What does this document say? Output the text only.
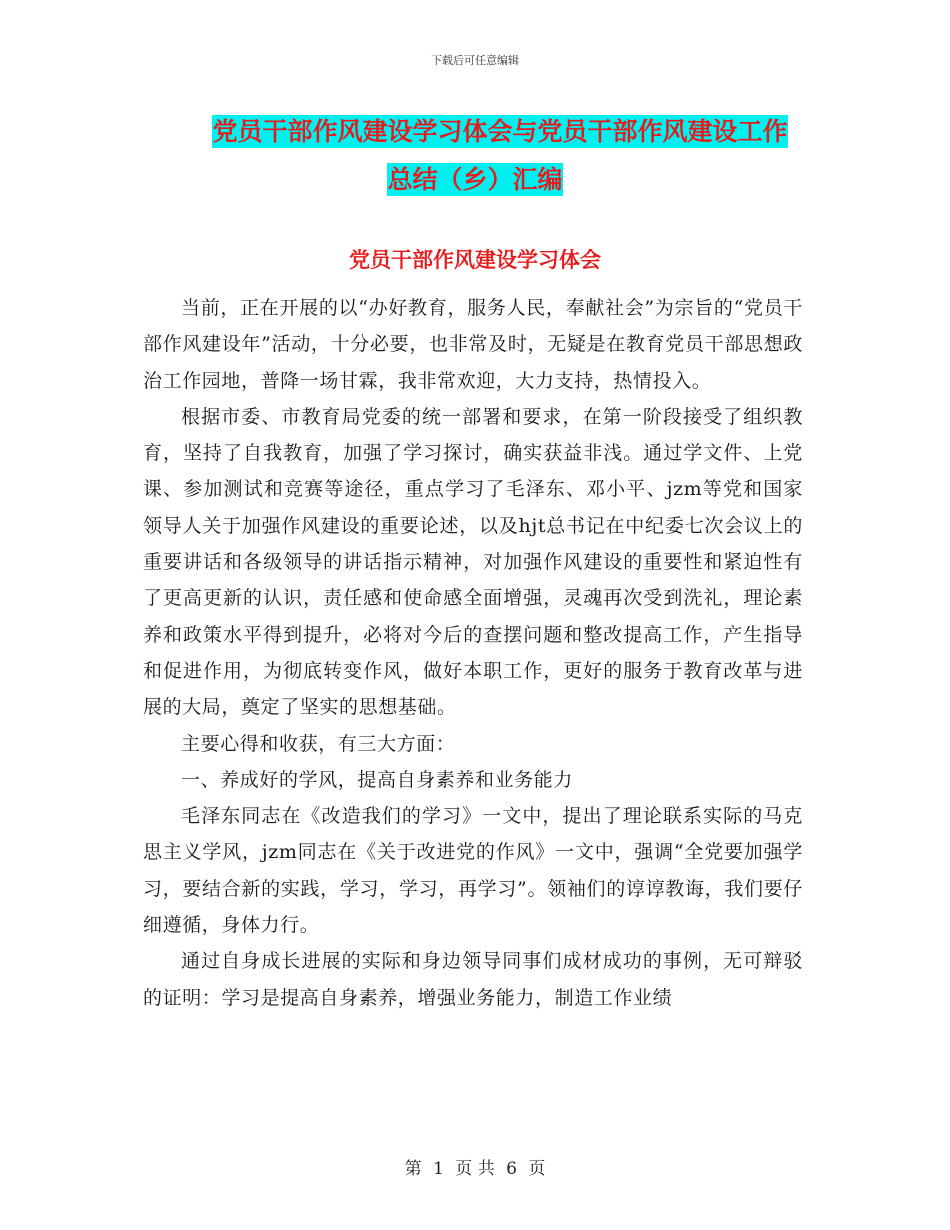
下载后可任意编辑
党员干部作风建设学习体会与党员干部作风建设工作
总结（乡）汇编
党员干部作风建设学习体会

当前，正在开展的以“办好教育，服务人民，奉献社会”为宗旨的“党员干部作风建设年”活动，十分必要，也非常及时，无疑是在教育党员干部思想政治工作园地，普降一场甘霖，我非常欢迎，大力支持，热情投入。

根据市委、市教育局党委的统一部署和要求，在第一阶段接受了组织教育，坚持了自我教育，加强了学习探讨，确实获益非浅。通过学文件、上党课、参加测试和竞赛等途径，重点学习了毛泽东、邓小平、jzm等党和国家领导人关于加强作风建设的重要论述，以及hjt总书记在中纪委七次会议上的重要讲话和各级领导的讲话指示精神，对加强作风建设的重要性和紧迫性有了更高更新的认识，责任感和使命感全面增强，灵魂再次受到洗礼，理论素养和政策水平得到提升，必将对今后的查摆问题和整改提高工作，产生指导和促进作用，为彻底转变作风，做好本职工作，更好的服务于教育改革与进展的大局，奠定了坚实的思想基础。

主要心得和收获，有三大方面：

一、养成好的学风，提高自身素养和业务能力

毛泽东同志在《改造我们的学习》一文中，提出了理论联系实际的马克思主义学风，jzm同志在《关于改进党的作风》一文中，强调“全党要加强学习，要结合新的实践，学习，学习，再学习”。领袖们的谆谆教诲，我们要仔细遵循，身体力行。

通过自身成长进展的实际和身边领导同事们成材成功的事例，无可辩驳的证明：学习是提高自身素养，增强业务能力，制造工作业绩

第 1 页 共 6 页
